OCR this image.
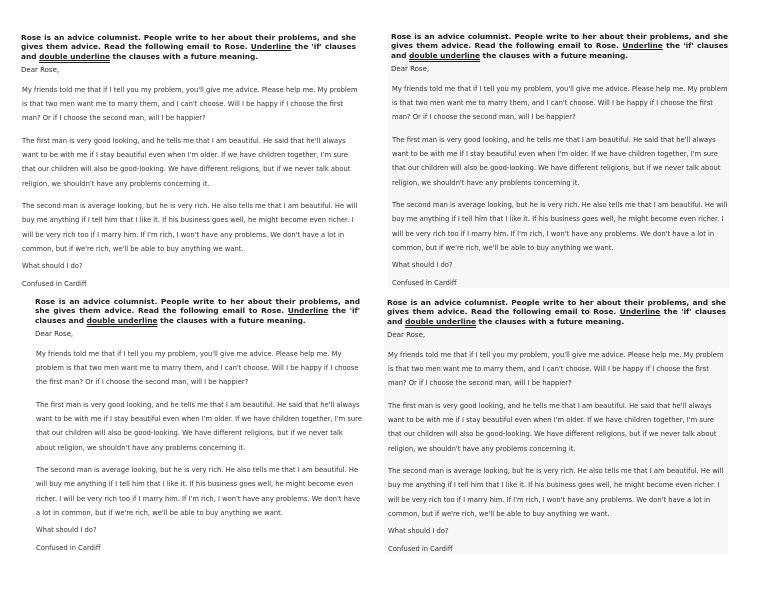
Rose is an advice columnist. People write to her about their problems, and she gives them advice. Read the following email to Rose. Underline the 'if' clauses and double underline the clauses with a future meaning.
Dear Rose,
My friends told me that if I tell you my problem, you'll give me advice. Please help me. My problem is that two men want me to marry them, and I can't choose. Will I be happy if I choose the first man? Or if I choose the second man, will I be happier?
The first man is very good looking, and he tells me that I am beautiful. He said that he'll always want to be with me if I stay beautiful even when I'm older. If we have children together, I'm sure that our children will also be good-looking. We have different religions, but if we never talk about religion, we shouldn't have any problems concerning it.
The second man is average looking, but he is very rich. He also tells me that I am beautiful. He will buy me anything if I tell him that I like it. If his business goes well, he might become even richer. I will be very rich too if I marry him. If I'm rich, I won't have any problems. We don't have a lot in common, but if we're rich, we'll be able to buy anything we want.
What should I do?
Confused in Cardiff
Rose is an advice columnist. People write to her about their problems, and she gives them advice. Read the following email to Rose. Underline the 'if' clauses and double underline the clauses with a future meaning.
Dear Rose,
My friends told me that if I tell you my problem, you'll give me advice. Please help me. My problem is that two men want me to marry them, and I can't choose. Will I be happy if I choose the first man? Or if I choose the second man, will I be happier?
The first man is very good looking, and he tells me that I am beautiful. He said that he'll always want to be with me if I stay beautiful even when I'm older. If we have children together, I'm sure that our children will also be good-looking. We have different religions, but if we never talk about religion, we shouldn't have any problems concerning it.
The second man is average looking, but he is very rich. He also tells me that I am beautiful. He will buy me anything if I tell him that I like it. If his business goes well, he might become even richer. I will be very rich too if I marry him. If I'm rich, I won't have any problems. We don't have a lot in common, but if we're rich, we'll be able to buy anything we want.
What should I do?
Confused in Cardiff
Rose is an advice columnist. People write to her about their problems, and she gives them advice. Read the following email to Rose. Underline the 'if' clauses and double underline the clauses with a future meaning.
Dear Rose,
My friends told me that if I tell you my problem, you'll give me advice. Please help me. My problem is that two men want me to marry them, and I can't choose. Will I be happy if I choose the first man? Or if I choose the second man, will I be happier?
The first man is very good looking, and he tells me that I am beautiful. He said that he'll always want to be with me if I stay beautiful even when I'm older. If we have children together, I'm sure that our children will also be good-looking. We have different religions, but if we never talk about religion, we shouldn't have any problems concerning it.
The second man is average looking, but he is very rich. He also tells me that I am beautiful. He will buy me anything if I tell him that I like it. If his business goes well, he might become even richer. I will be very rich too if I marry him. If I'm rich, I won't have any problems. We don't have a lot in common, but if we're rich, we'll be able to buy anything we want.
What should I do?
Confused in Cardiff
Rose is an advice columnist. People write to her about their problems, and she gives them advice. Read the following email to Rose. Underline the 'if' clauses and double underline the clauses with a future meaning.
Dear Rose,
My friends told me that if I tell you my problem, you'll give me advice. Please help me. My problem is that two men want me to marry them, and I can't choose. Will I be happy if I choose the first man? Or if I choose the second man, will I be happier?
The first man is very good looking, and he tells me that I am beautiful. He said that he'll always want to be with me if I stay beautiful even when I'm older. If we have children together, I'm sure that our children will also be good-looking. We have different religions, but if we never talk about religion, we shouldn't have any problems concerning it.
The second man is average looking, but he is very rich. He also tells me that I am beautiful. He will buy me anything if I tell him that I like it. If his business goes well, he might become even richer. I will be very rich too if I marry him. If I'm rich, I won't have any problems. We don't have a lot in common, but if we're rich, we'll be able to buy anything we want.
What should I do?
Confused in Cardiff
